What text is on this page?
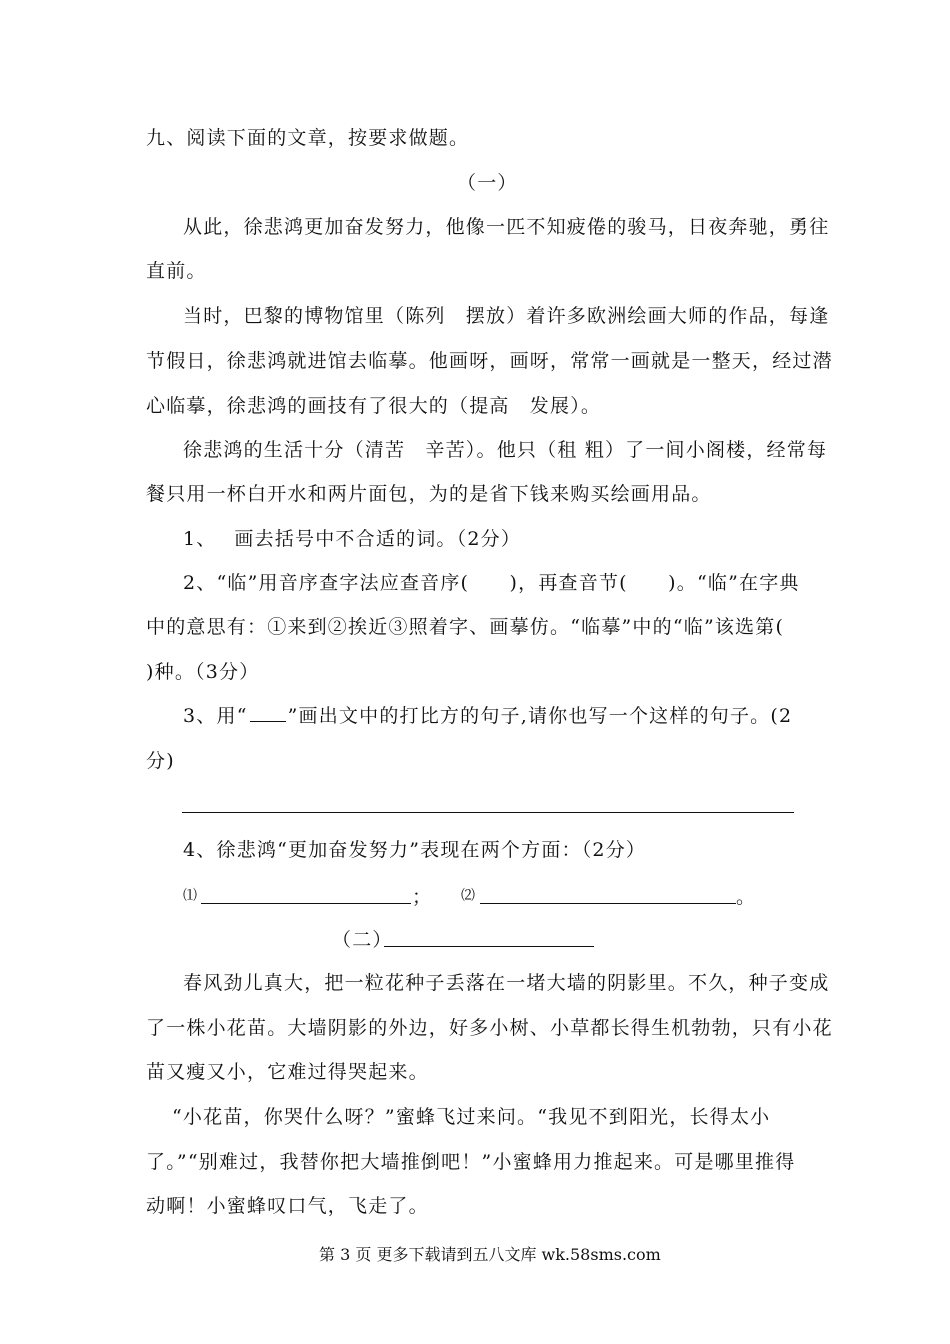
九、阅读下面的文章，按要求做题。
（一）
从此，徐悲鸿更加奋发努力，他像一匹不知疲倦的骏马，日夜奔驰，勇往
直前。
当时，巴黎的博物馆里（陈列　摆放）着许多欧洲绘画大师的作品，每逢
节假日，徐悲鸿就进馆去临摹。他画呀，画呀，常常一画就是一整天，经过潜
心临摹，徐悲鸿的画技有了很大的（提高　发展）。
徐悲鸿的生活十分（清苦　辛苦）。他只（租 粗）了一间小阁楼，经常每
餐只用一杯白开水和两片面包，为的是省下钱来购买绘画用品。
1、　 画去括号中不合适的词。（2分）
2、“临”用音序查字法应查音序(　　)，再查音节(　　)。“临”在字典
中的意思有：①来到②挨近③照着字、画摹仿。“临摹”中的“临”该选第(
)种。（3分）
3、用“ ”画出文中的打比方的句子,请你也写一个这样的句子。(2
分)
4、徐悲鸿“更加奋发努力”表现在两个方面：（2分）
⑴	； ⑵	。
（二）
春风劲儿真大，把一粒花种子丢落在一堵大墙的阴影里。不久，种子变成
了一株小花苗。大墙阴影的外边，好多小树、小草都长得生机勃勃，只有小花
苗又瘦又小，它难过得哭起来。
“小花苗，你哭什么呀？”蜜蜂飞过来问。“我见不到阳光，长得太小
了。”“别难过，我替你把大墙推倒吧！”小蜜蜂用力推起来。可是哪里推得
动啊！小蜜蜂叹口气，飞走了。
第 3 页 更多下载请到五八文库 wk.58sms.com
